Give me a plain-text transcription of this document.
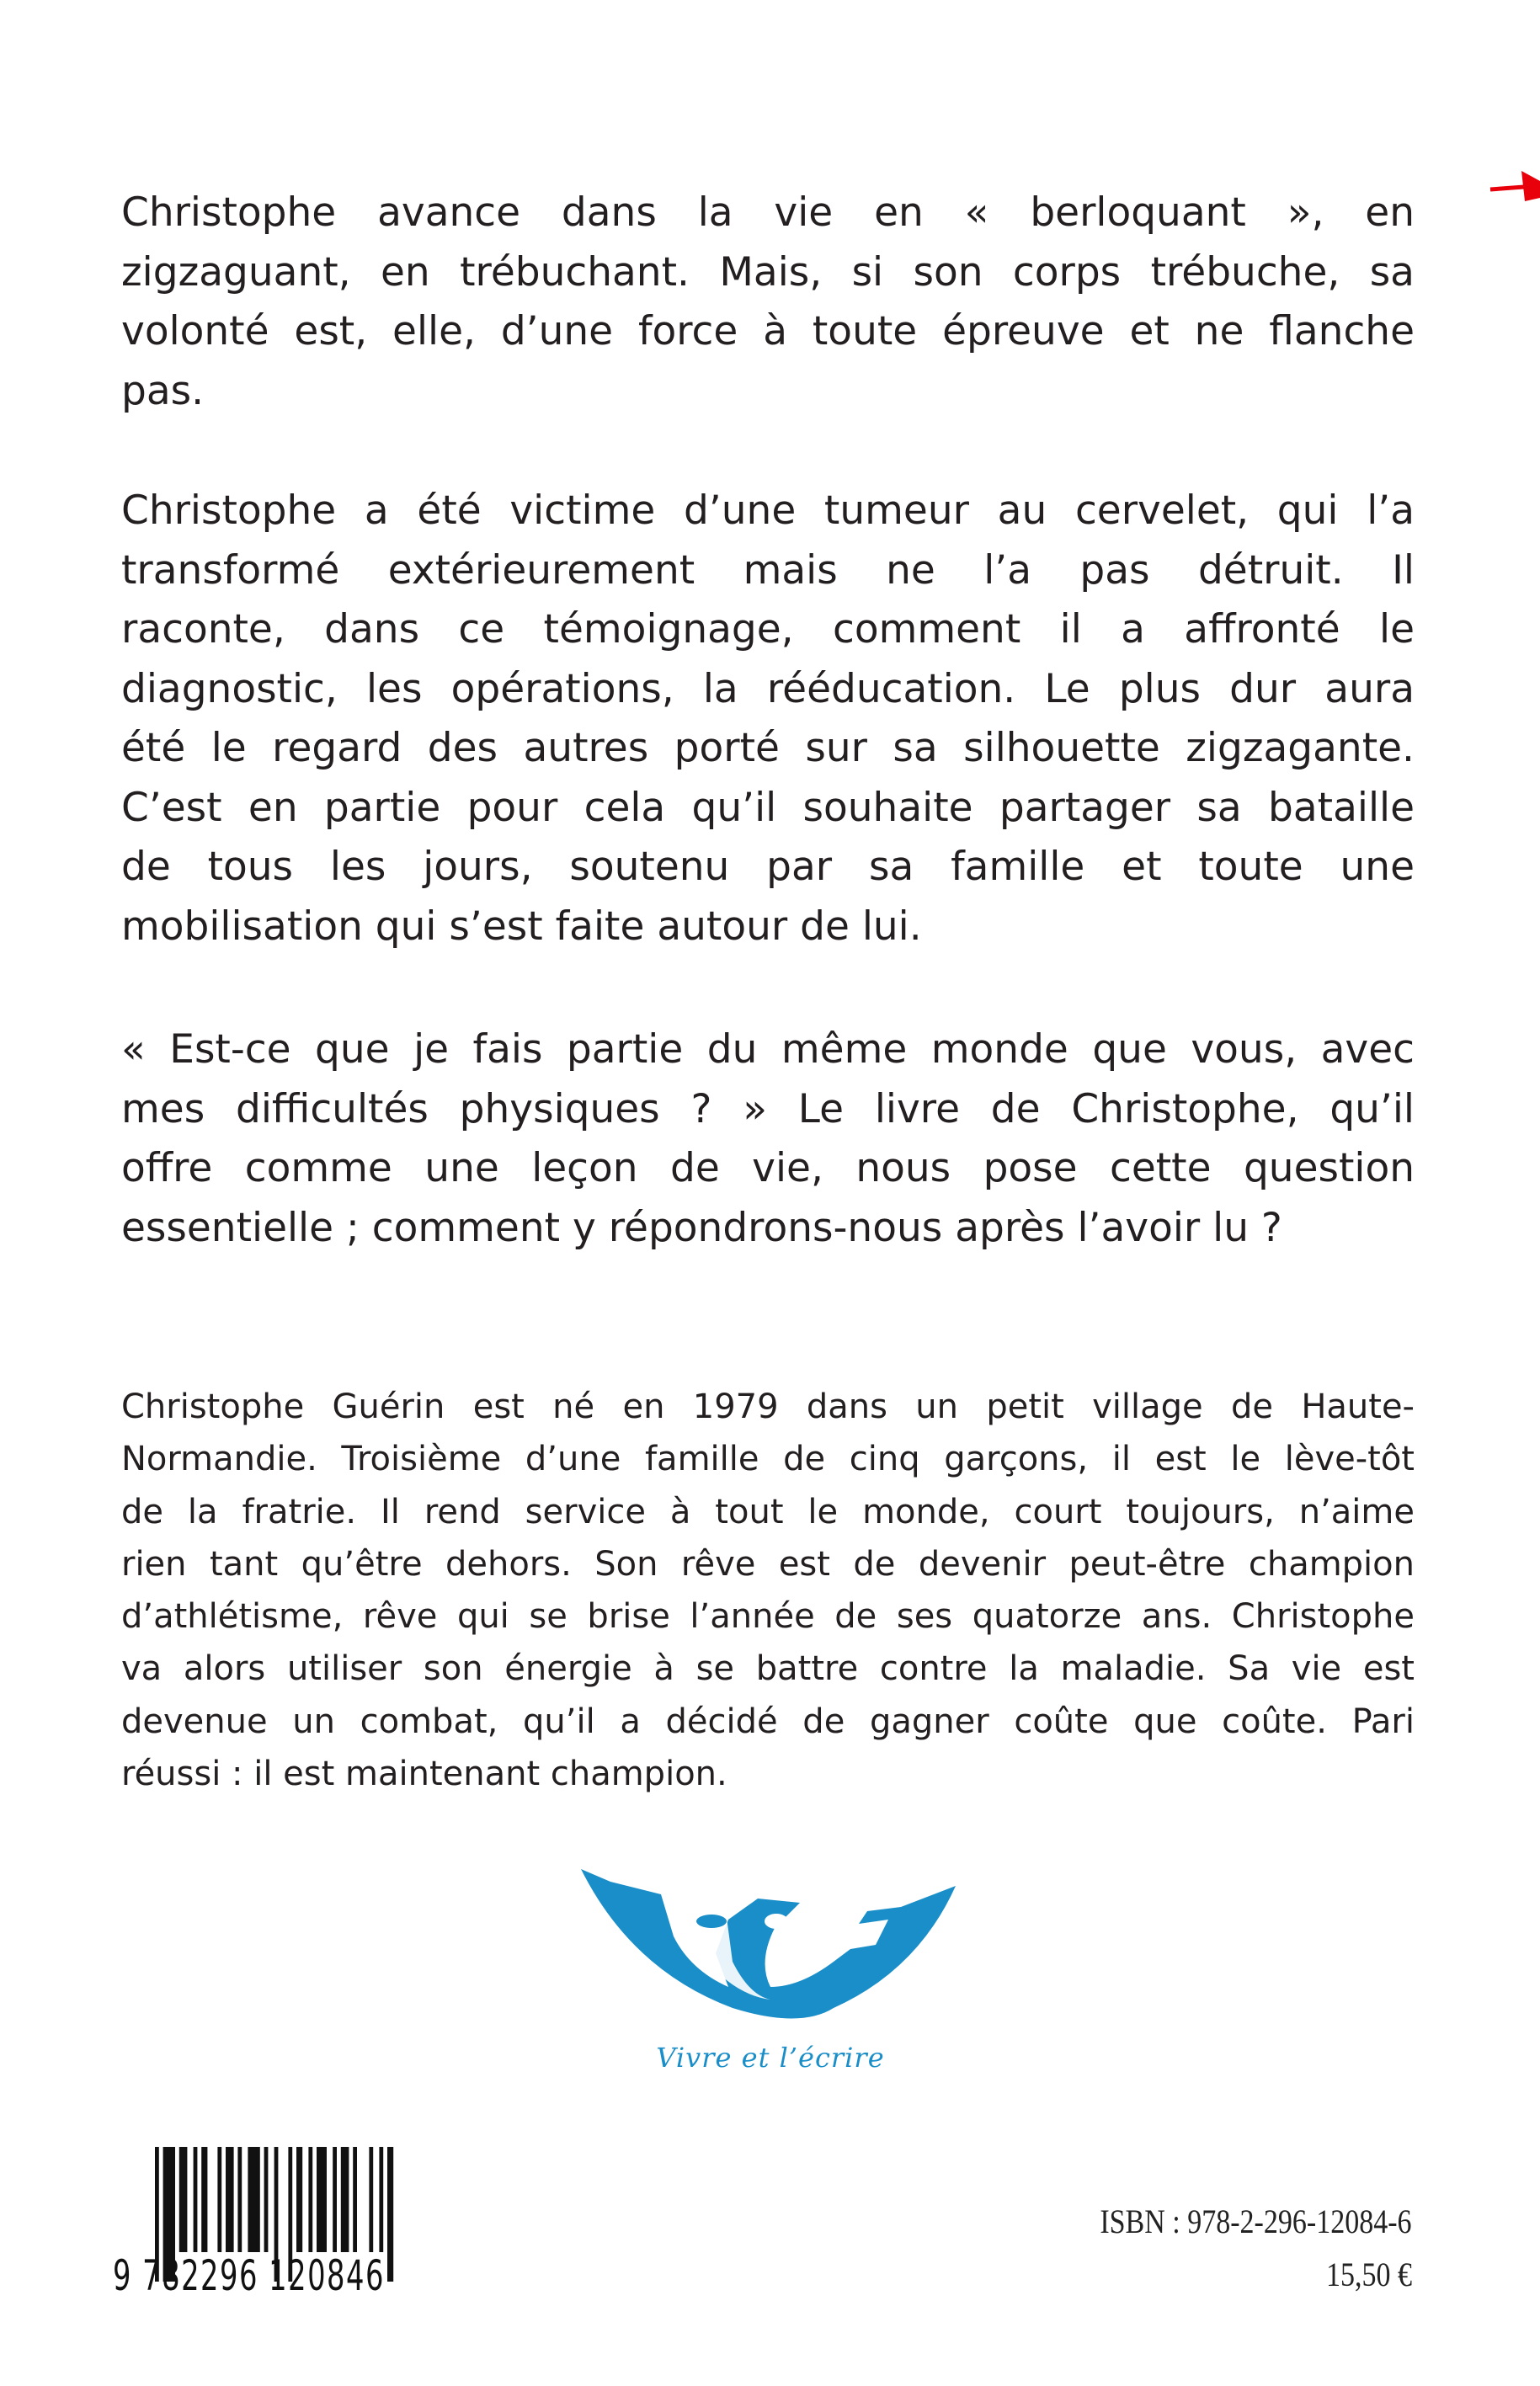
Christophe avance dans la vie en « berloquant », en
zigzaguant, en trébuchant. Mais, si son corps trébuche, sa
volonté est, elle, d’une force à toute épreuve et ne flanche
pas.
Christophe a été victime d’une tumeur au cervelet, qui l’a
transformé extérieurement mais ne l’a pas détruit. Il
raconte, dans ce témoignage, comment il a affronté le
diagnostic, les opérations, la rééducation. Le plus dur aura
été le regard des autres porté sur sa silhouette zigzagante.
C’est en partie pour cela qu’il souhaite partager sa bataille
de tous les jours, soutenu par sa famille et toute une
mobilisation qui s’est faite autour de lui.
« Est-ce que je fais partie du même monde que vous, avec
mes difficultés physiques ? » Le livre de Christophe, qu’il
offre comme une leçon de vie, nous pose cette question
essentielle ; comment y répondrons-nous après l’avoir lu ?
Christophe Guérin est né en 1979 dans un petit village de Haute-
Normandie. Troisième d’une famille de cinq garçons, il est le lève-tôt
de la fratrie. Il rend service à tout le monde, court toujours, n’aime
rien tant qu’être dehors. Son rêve est de devenir peut-être champion
d’athlétisme, rêve qui se brise l’année de ses quatorze ans. Christophe
va alors utiliser son énergie à se battre contre la maladie. Sa vie est
devenue un combat, qu’il a décidé de gagner coûte que coûte. Pari
réussi : il est maintenant champion.
Vivre et l’écrire
9 782296 120846
ISBN : 978-2-296-12084-6
15,50 €
